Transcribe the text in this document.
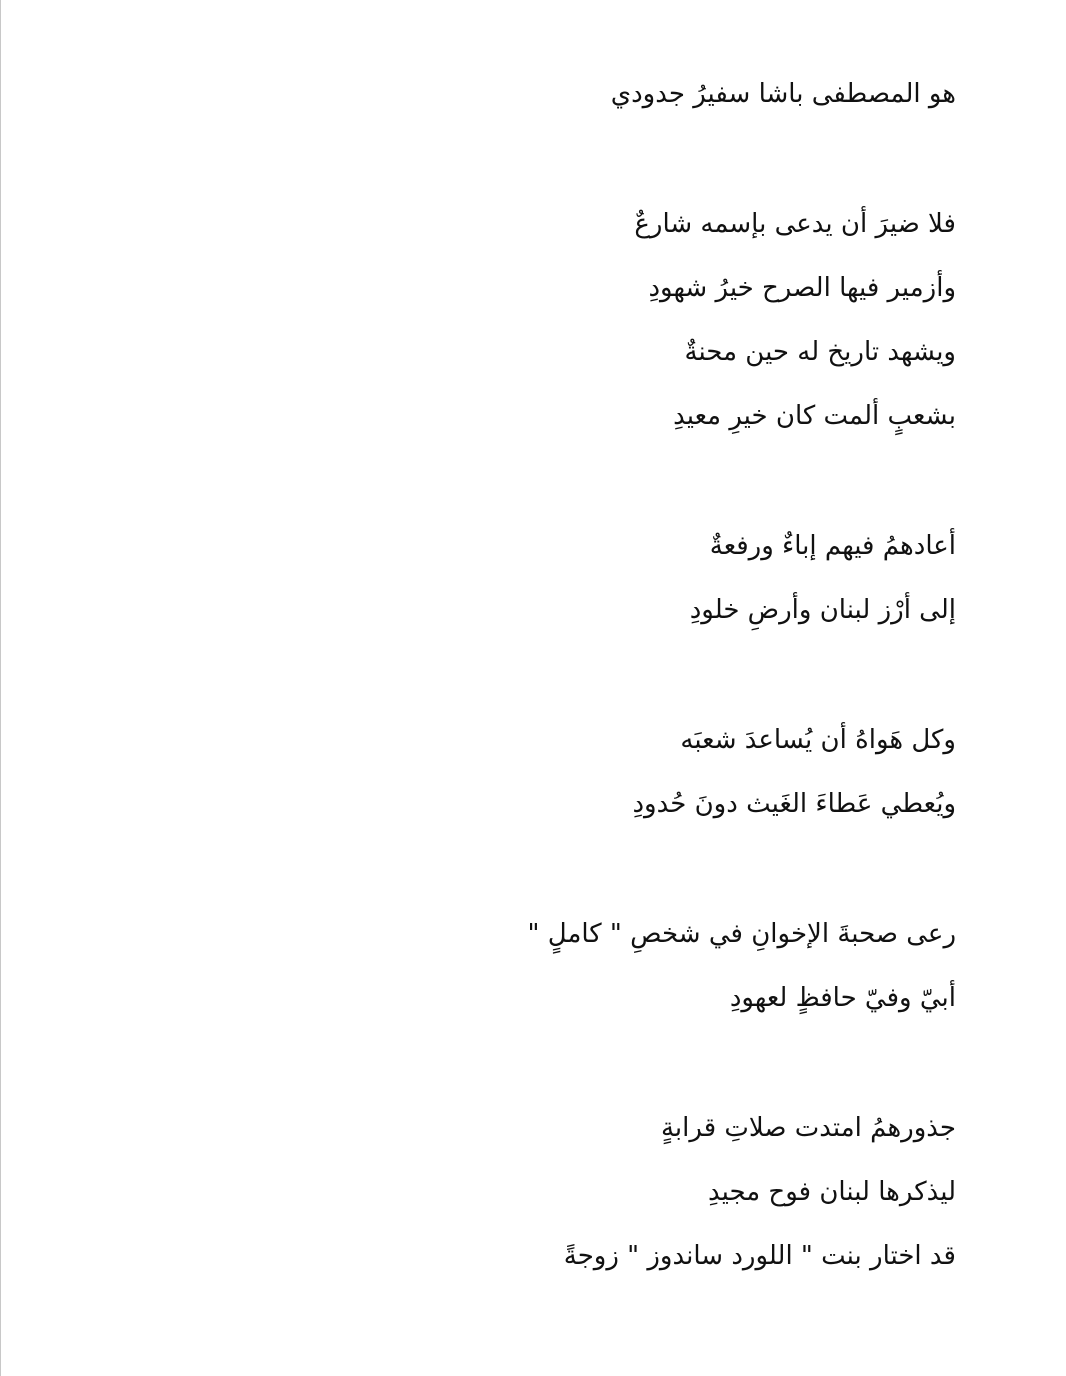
هو المصطفى باشا سفيرُ جدودي
فلا ضيرَ أن يدعى بإسمه شارعٌ
وأزمير فيها الصرح خيرُ شهودِ
ويشهد تاريخ له حين محنةٌ
بشعبٍ ألمت كان خيرِ معيدِ
أعادهمُ فيهم إباءٌ ورفعةٌ
إلى أرْز لبنان وأرضِ خلودِ
وكل هَواهُ أن يُساعدَ شعبَه
ويُعطي عَطاءَ الغَيث دونَ حُدودِ
رعى صحبةَ الإخوانِ في شخصِ " كاملٍ "
أبيّ وفيّ حافظٍ لعهودِ
جذورهمُ امتدت صلاتِ قرابةٍ
ليذكرها لبنان فوح مجيدِ
قد اختار بنت " اللورد ساندوز " زوجةً
